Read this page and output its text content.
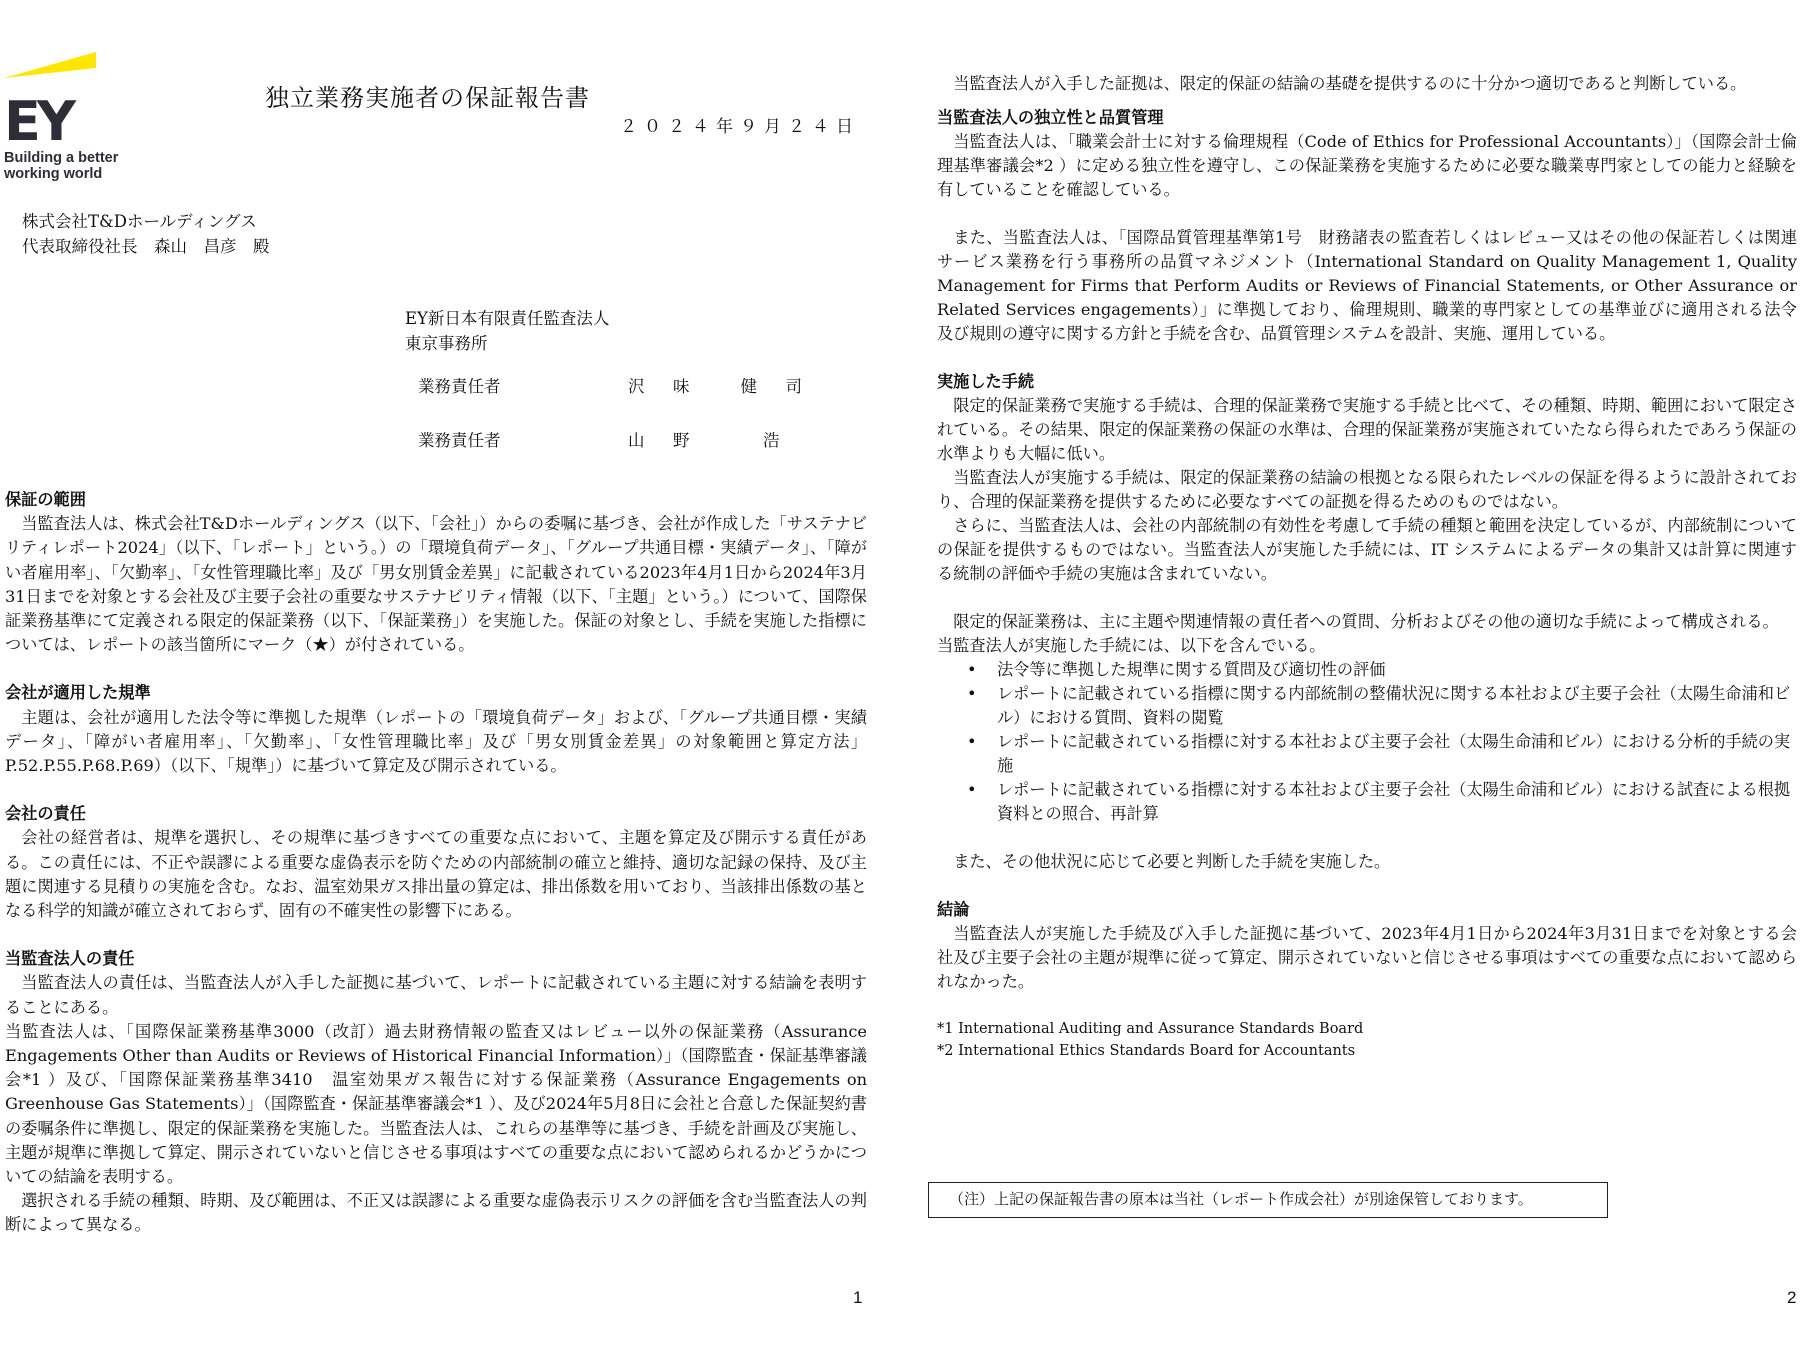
EY
Building a better
working world
独立業務実施者の保証報告書
２０２４年９月２４日
株式会社T&Dホールディングス
代表取締役社長　森山　昌彦　殿
EY新日本有限責任監査法人
東京事務所
業務責任者	沢　味　　健　司
業務責任者	山　野　　　浩

保証の範囲

当監査法人は、株式会社T&Dホールディングス（以下、「会社」）からの委嘱に基づき、会社が作成した「サステナビリティレポート2024」（以下、「レポート」という。）の「環境負荷データ」、「グループ共通目標・実績データ」、「障がい者雇用率」、「欠勤率」、「女性管理職比率」及び「男女別賃金差異」に記載されている2023年4月1日から2024年3月31日までを対象とする会社及び主要子会社の重要なサステナビリティ情報（以下、「主題」という。）について、国際保証業務基準にて定義される限定的保証業務（以下、「保証業務」）を実施した。保証の対象とし、手続を実施した指標については、レポートの該当箇所にマーク（★）が付されている。

会社が適用した規準

主題は、会社が適用した法令等に準拠した規準（レポートの「環境負荷データ」および、「グループ共通目標・実績データ」、「障がい者雇用率」、「欠勤率」、「女性管理職比率」及び「男女別賃金差異」の対象範囲と算定方法」P.52.P.55.P.68.P.69）（以下、「規準」）に基づいて算定及び開示されている。

会社の責任

会社の経営者は、規準を選択し、その規準に基づきすべての重要な点において、主題を算定及び開示する責任がある。この責任には、不正や誤謬による重要な虚偽表示を防ぐための内部統制の確立と維持、適切な記録の保持、及び主題に関連する見積りの実施を含む。なお、温室効果ガス排出量の算定は、排出係数を用いており、当該排出係数の基となる科学的知識が確立されておらず、固有の不確実性の影響下にある。

当監査法人の責任

当監査法人の責任は、当監査法人が入手した証拠に基づいて、レポートに記載されている主題に対する結論を表明することにある。

当監査法人は、「国際保証業務基準3000（改訂）過去財務情報の監査又はレビュー以外の保証業務（Assurance Engagements Other than Audits or Reviews of Historical Financial Information）」（国際監査・保証基準審議会*1 ）及び、「国際保証業務基準3410　温室効果ガス報告に対する保証業務（Assurance Engagements on Greenhouse Gas Statements）」（国際監査・保証基準審議会*1 ）、及び2024年5月8日に会社と合意した保証契約書の委嘱条件に準拠し、限定的保証業務を実施した。当監査法人は、これらの基準等に基づき、手続を計画及び実施し、主題が規準に準拠して算定、開示されていないと信じさせる事項はすべての重要な点において認められるかどうかについての結論を表明する。

選択される手続の種類、時期、及び範囲は、不正又は誤謬による重要な虚偽表示リスクの評価を含む当監査法人の判断によって異なる。

1

当監査法人が入手した証拠は、限定的保証の結論の基礎を提供するのに十分かつ適切であると判断している。

当監査法人の独立性と品質管理

当監査法人は、「職業会計士に対する倫理規程（Code of Ethics for Professional Accountants）」（国際会計士倫理基準審議会*2 ）に定める独立性を遵守し、この保証業務を実施するために必要な職業専門家としての能力と経験を有していることを確認している。

また、当監査法人は、「国際品質管理基準第1号　財務諸表の監査若しくはレビュー又はその他の保証若しくは関連サービス業務を行う事務所の品質マネジメント（International Standard on Quality Management 1, Quality Management for Firms that Perform Audits or Reviews of Financial Statements, or Other Assurance or Related Services engagements）」に準拠しており、倫理規則、職業的専門家としての基準並びに適用される法令及び規則の遵守に関する方針と手続を含む、品質管理システムを設計、実施、運用している。

実施した手続

限定的保証業務で実施する手続は、合理的保証業務で実施する手続と比べて、その種類、時期、範囲において限定されている。その結果、限定的保証業務の保証の水準は、合理的保証業務が実施されていたなら得られたであろう保証の水準よりも大幅に低い。

当監査法人が実施する手続は、限定的保証業務の結論の根拠となる限られたレベルの保証を得るように設計されており、合理的保証業務を提供するために必要なすべての証拠を得るためのものではない。

さらに、当監査法人は、会社の内部統制の有効性を考慮して手続の種類と範囲を決定しているが、内部統制についての保証を提供するものではない。当監査法人が実施した手続には、IT システムによるデータの集計又は計算に関連する統制の評価や手続の実施は含まれていない。

限定的保証業務は、主に主題や関連情報の責任者への質問、分析およびその他の適切な手続によって構成される。

当監査法人が実施した手続には、以下を含んでいる。

• 法令等に準拠した規準に関する質問及び適切性の評価
• レポートに記載されている指標に関する内部統制の整備状況に関する本社および主要子会社（太陽生命浦和ビル）における質問、資料の閲覧
• レポートに記載されている指標に対する本社および主要子会社（太陽生命浦和ビル）における分析的手続の実施
• レポートに記載されている指標に対する本社および主要子会社（太陽生命浦和ビル）における試査による根拠資料との照合、再計算

また、その他状況に応じて必要と判断した手続を実施した。

結論

当監査法人が実施した手続及び入手した証拠に基づいて、2023年4月1日から2024年3月31日までを対象とする会社及び主要子会社の主題が規準に従って算定、開示されていないと信じさせる事項はすべての重要な点において認められなかった。

*1 International Auditing and Assurance Standards Board

*2 International Ethics Standards Board for Accountants

（注）上記の保証報告書の原本は当社（レポート作成会社）が別途保管しております。
2
